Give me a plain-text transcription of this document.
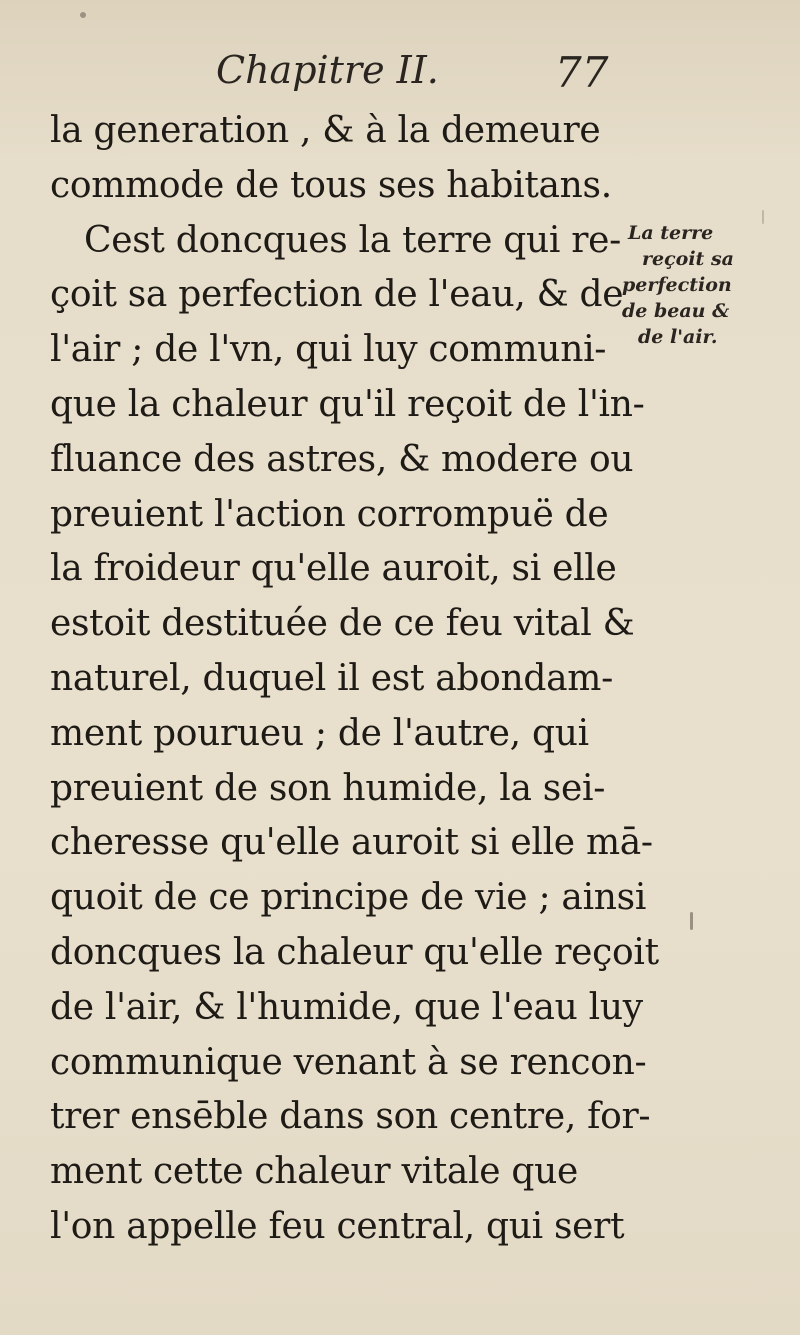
Chapitre II.	77
la generation , & à la demeure
commode de tous ses habitans.
Cest doncques la terre qui re-
çoit sa perfection de l'eau, & de
l'air ; de l'vn, qui luy communi-
que la chaleur qu'il reçoit de l'in-
fluance des astres, & modere ou
preuient l'action corrompuë de
la froideur qu'elle auroit, si elle
estoit destituée de ce feu vital &
naturel, duquel il est abondam-
ment pourueu ; de l'autre, qui
preuient de son humide, la sei-
cheresse qu'elle auroit si elle mā-
quoit de ce principe de vie ; ainsi
doncques la chaleur qu'elle reçoit
de l'air, & l'humide, que l'eau luy
communique venant à se rencon-
trer ensēble dans son centre, for-
ment cette chaleur vitale que
l'on appelle feu central, qui sert
La terre
reçoit sa
perfection
de beau &
de l'air.
